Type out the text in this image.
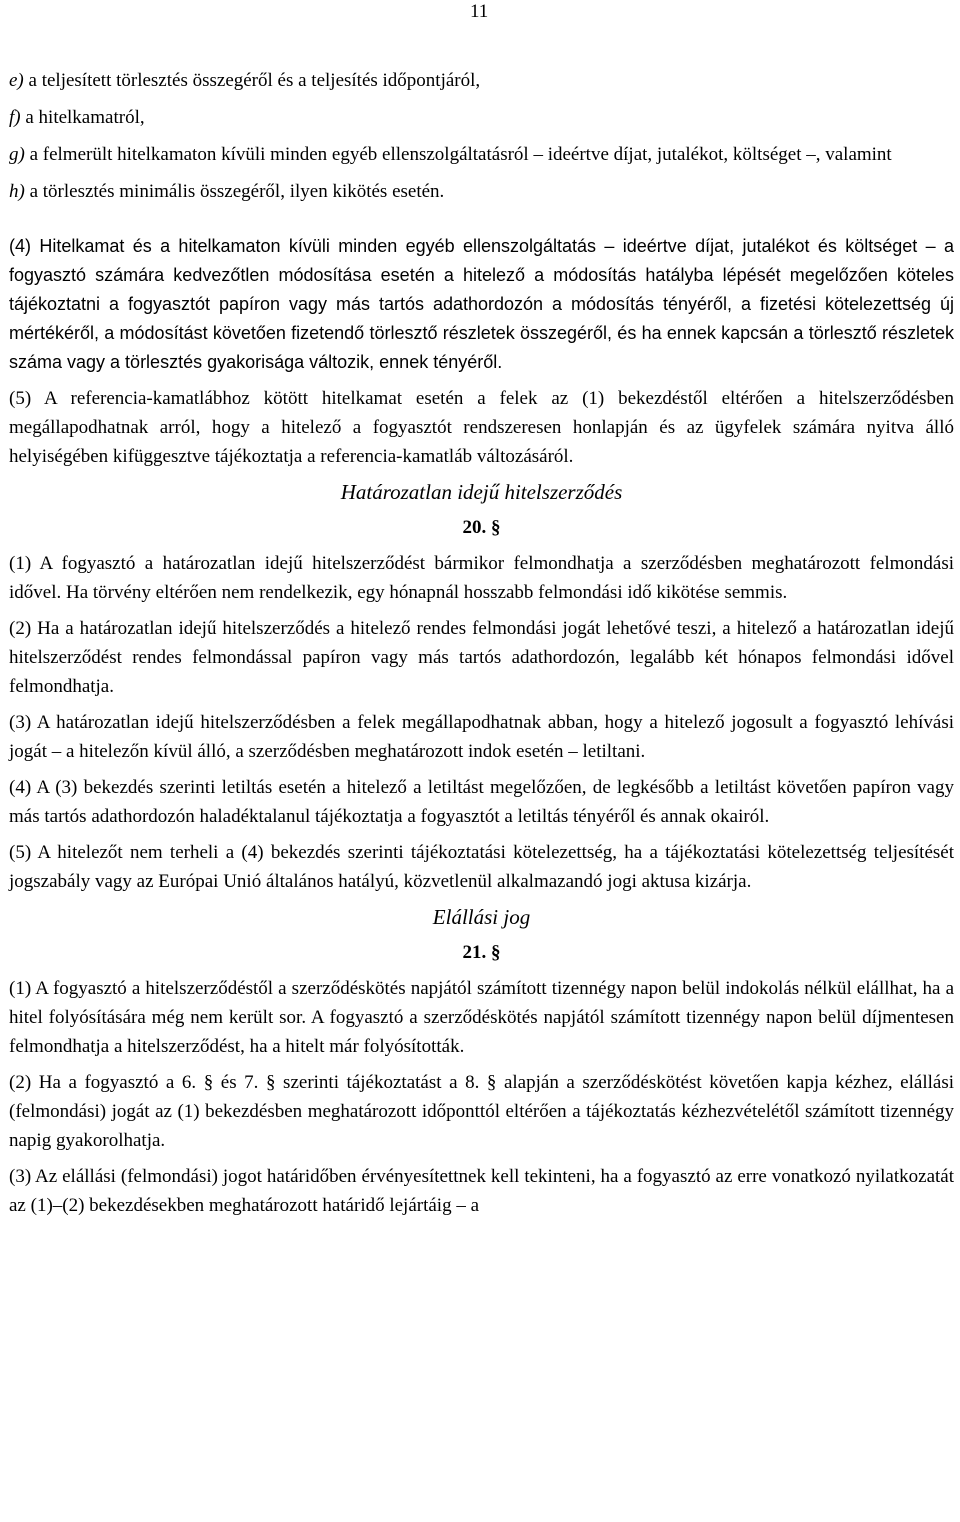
11
e) a teljesített törlesztés összegéről és a teljesítés időpontjáról,
f) a hitelkamatról,
g) a felmerült hitelkamaton kívüli minden egyéb ellenszolgáltatásról – ideértve díjat, jutalékot, költséget –, valamint
h) a törlesztés minimális összegéről, ilyen kikötés esetén.

(4) Hitelkamat és a hitelkamaton kívüli minden egyéb ellenszolgáltatás – ideértve díjat, jutalékot és költséget – a fogyasztó számára kedvezőtlen módosítása esetén a hitelező a módosítás hatályba lépését megelőzően köteles tájékoztatni a fogyasztót papíron vagy más tartós adathordozón a módosítás tényéről, a fizetési kötelezettség új mértékéről, a módosítást követően fizetendő törlesztő részletek összegéről, és ha ennek kapcsán a törlesztő részletek száma vagy a törlesztés gyakorisága változik, ennek tényéről.

(5) A referencia-kamatlábhoz kötött hitelkamat esetén a felek az (1) bekezdéstől eltérően a hitelszerződésben megállapodhatnak arról, hogy a hitelező a fogyasztót rendszeresen honlapján és az ügyfelek számára nyitva álló helyiségében kifüggesztve tájékoztatja a referencia-kamatláb változásáról.

Határozatlan idejű hitelszerződés
20. §

(1) A fogyasztó a határozatlan idejű hitelszerződést bármikor felmondhatja a szerződésben meghatározott felmondási idővel. Ha törvény eltérően nem rendelkezik, egy hónapnál hosszabb felmondási idő kikötése semmis.

(2) Ha a határozatlan idejű hitelszerződés a hitelező rendes felmondási jogát lehetővé teszi, a hitelező a határozatlan idejű hitelszerződést rendes felmondással papíron vagy más tartós adathordozón, legalább két hónapos felmondási idővel felmondhatja.

(3) A határozatlan idejű hitelszerződésben a felek megállapodhatnak abban, hogy a hitelező jogosult a fogyasztó lehívási jogát – a hitelezőn kívül álló, a szerződésben meghatározott indok esetén – letiltani.

(4) A (3) bekezdés szerinti letiltás esetén a hitelező a letiltást megelőzően, de legkésőbb a letiltást követően papíron vagy más tartós adathordozón haladéktalanul tájékoztatja a fogyasztót a letiltás tényéről és annak okairól.

(5) A hitelezőt nem terheli a (4) bekezdés szerinti tájékoztatási kötelezettség, ha a tájékoztatási kötelezettség teljesítését jogszabály vagy az Európai Unió általános hatályú, közvetlenül alkalmazandó jogi aktusa kizárja.

Elállási jog
21. §

(1) A fogyasztó a hitelszerződéstől a szerződéskötés napjától számított tizennégy napon belül indokolás nélkül elállhat, ha a hitel folyósítására még nem került sor. A fogyasztó a szerződéskötés napjától számított tizennégy napon belül díjmentesen felmondhatja a hitelszerződést, ha a hitelt már folyósították.

(2) Ha a fogyasztó a 6. § és 7. § szerinti tájékoztatást a 8. § alapján a szerződéskötést követően kapja kézhez, elállási (felmondási) jogát az (1) bekezdésben meghatározott időponttól eltérően a tájékoztatás kézhezvételétől számított tizennégy napig gyakorolhatja.

(3) Az elállási (felmondási) jogot határidőben érvényesítettnek kell tekinteni, ha a fogyasztó az erre vonatkozó nyilatkozatát az (1)–(2) bekezdésekben meghatározott határidő lejártáig – a
